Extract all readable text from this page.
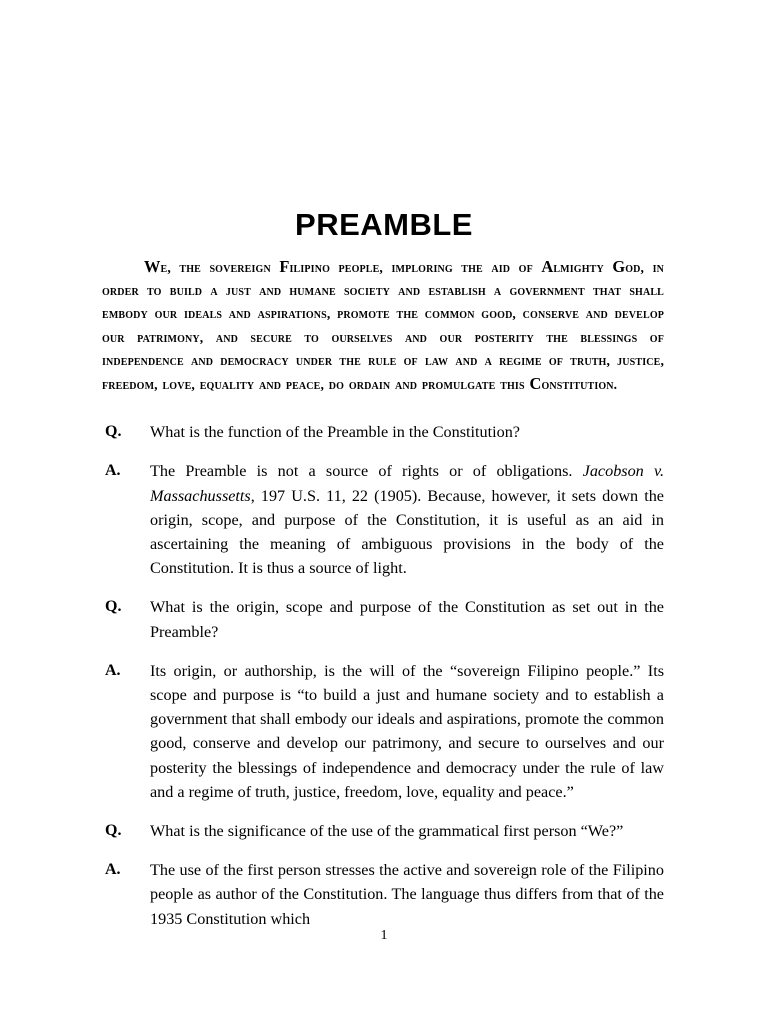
PREAMBLE

We, the sovereign Filipino people, imploring the aid of Almighty God, in order to build a just and humane society and establish a government that shall embody our ideals and aspirations, promote the common good, conserve and develop our patrimony, and secure to ourselves and our posterity the blessings of independence and democracy under the rule of law and a regime of truth, justice, freedom, love, equality and peace, do ordain and promulgate this Constitution.

Q.	What is the function of the Preamble in the Constitution?
A.	The Preamble is not a source of rights or of obligations. Jacobson v. Massachussetts, 197 U.S. 11, 22 (1905). Because, however, it sets down the origin, scope, and purpose of the Constitution, it is useful as an aid in ascertaining the meaning of ambiguous provisions in the body of the Constitution. It is thus a source of light.
Q.	What is the origin, scope and purpose of the Constitution as set out in the Preamble?
A.	Its origin, or authorship, is the will of the “sovereign Filipino people.” Its scope and purpose is “to build a just and humane society and to establish a government that shall embody our ideals and aspirations, promote the common good, conserve and develop our patrimony, and secure to ourselves and our posterity the blessings of independence and democracy under the rule of law and a regime of truth, justice, freedom, love, equality and peace.”
Q.	What is the significance of the use of the grammatical first person “We?”
A.	The use of the first person stresses the active and sovereign role of the Filipino people as author of the Constitution. The language thus differs from that of the 1935 Constitution which
1
